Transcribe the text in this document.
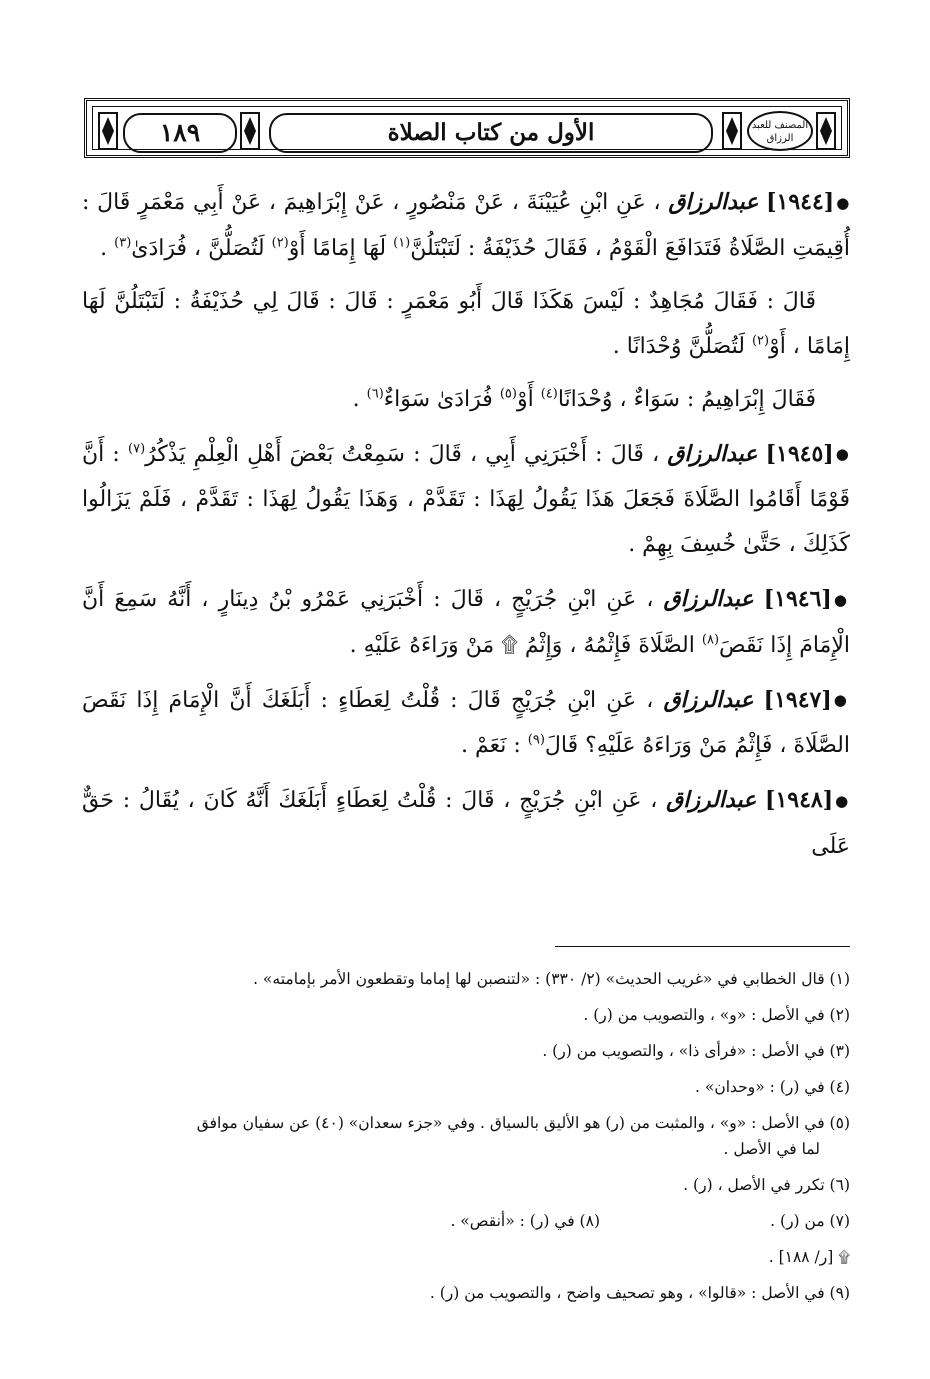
١٨٩	الأول من كتاب الصلاة	المصنف للعبد الرزاق

●[١٩٤٤] عبدالرزاق ، عَنِ ابْنِ عُيَيْنَةَ ، عَنْ مَنْصُورٍ ، عَنْ إِبْرَاهِيمَ ، عَنْ أَبِي مَعْمَرٍ قَالَ : أُقِيمَتِ الصَّلَاةُ فَتَدَافَعَ الْقَوْمُ ، فَقَالَ حُذَيْفَةُ : لَتَبْتَلُنَّ$^{(١)}$ لَهَا إِمَامًا أَوْ$^{(٢)}$ لَتُصَلُّنَّ ، فُرَادَىٰ$^{(٣)}$ .

قَالَ : فَقَالَ مُجَاهِدٌ : لَيْسَ هَكَذَا قَالَ أَبُو مَعْمَرٍ : قَالَ : قَالَ لِي حُذَيْفَةُ : لَتَبْتَلُنَّ لَهَا إِمَامًا ، أَوْ$^{(٢)}$ لَتُصَلُّنَّ وُحْدَانًا .

فَقَالَ إِبْرَاهِيمُ : سَوَاءٌ ، وُحْدَانًا$^{(٤)}$ أَوْ$^{(٥)}$ فُرَادَىٰ سَوَاءٌ$^{(٦)}$ .

●[١٩٤٥] عبدالرزاق ، قَالَ : أَخْبَرَنِي أَبِي ، قَالَ : سَمِعْتُ بَعْضَ أَهْلِ الْعِلْمِ يَذْكُرُ$^{(٧)}$ : أَنَّ قَوْمًا أَقَامُوا الصَّلَاةَ فَجَعَلَ هَذَا يَقُولُ لِهَذَا : تَقَدَّمْ ، وَهَذَا يَقُولُ لِهَذَا : تَقَدَّمْ ، فَلَمْ يَزَالُوا كَذَلِكَ ، حَتَّىٰ خُسِفَ بِهِمْ .

●[١٩٤٦] عبدالرزاق ، عَنِ ابْنِ جُرَيْجٍ ، قَالَ : أَخْبَرَنِي عَمْرُو بْنُ دِينَارٍ ، أَنَّهُ سَمِعَ أَنَّ الْإِمَامَ إِذَا نَقَصَ$^{(٨)}$ الصَّلَاةَ فَإِثْمُهُ ، وَإِثْمُ ۩ مَنْ وَرَاءَهُ عَلَيْهِ .

●[١٩٤٧] عبدالرزاق ، عَنِ ابْنِ جُرَيْجٍ قَالَ : قُلْتُ لِعَطَاءٍ : أَبَلَغَكَ أَنَّ الْإِمَامَ إِذَا نَقَصَ الصَّلَاةَ ، فَإِثْمُ مَنْ وَرَاءَهُ عَلَيْهِ؟ قَالَ$^{(٩)}$ : نَعَمْ .

●[١٩٤٨] عبدالرزاق ، عَنِ ابْنِ جُرَيْجٍ ، قَالَ : قُلْتُ لِعَطَاءٍ أَبَلَغَكَ أَنَّهُ كَانَ ، يُقَالُ : حَقٌّ عَلَى

(١) قال الخطابي في «غريب الحديث» (٢/ ٣٣٠) : «لتنصبن لها إماما وتقطعون الأمر بإمامته» .

(٢) في الأصل : «و» ، والتصويب من (ر) .

(٣) في الأصل : «فرأى ذا» ، والتصويب من (ر) .

(٤) في (ر) : «وحدان» .

(٥) في الأصل : «و» ، والمثبت من (ر) هو الأليق بالسياق . وفي «جزء سعدان» (٤٠) عن سفيان موافق
لما في الأصل .

(٦) تكرر في الأصل ، (ر) .

(٧) من (ر) .

(٨) في (ر) : «أنقص» .

۩ [ر/ ١٨٨] .

(٩) في الأصل : «قالوا» ، وهو تصحيف واضح ، والتصويب من (ر) .
